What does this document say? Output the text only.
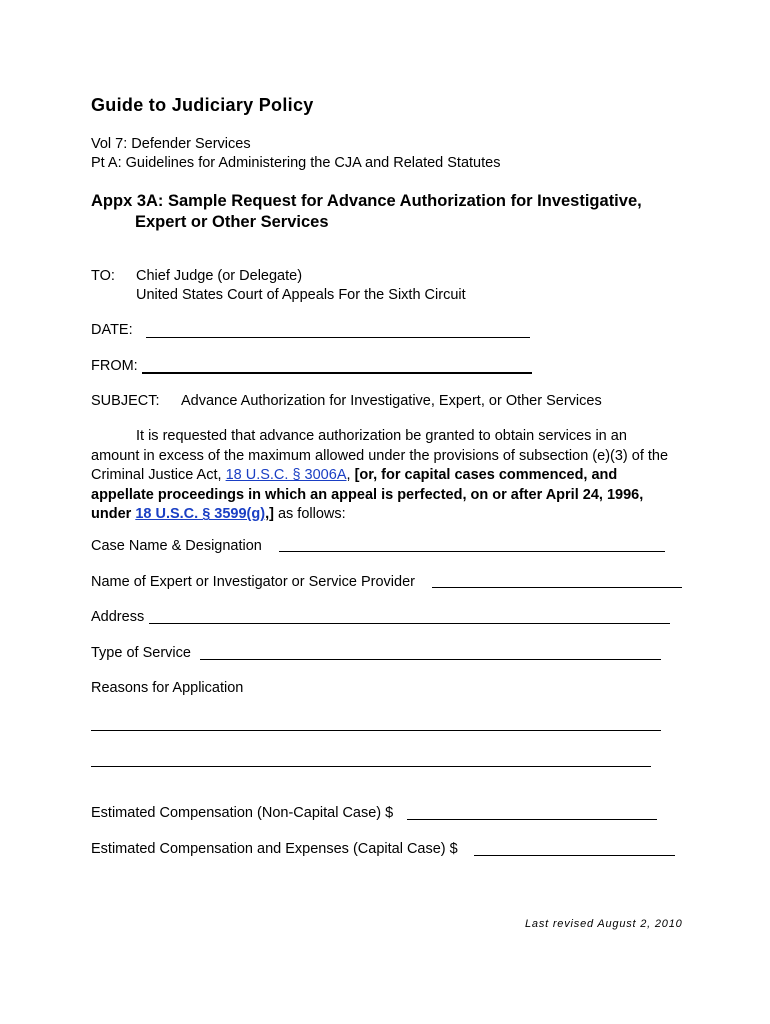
Guide to Judiciary Policy
Vol 7: Defender Services
Pt A: Guidelines for Administering the CJA and Related Statutes
Appx 3A: Sample Request for Advance Authorization for Investigative,
Expert or Other Services
TO: Chief Judge (or Delegate)
United States Court of Appeals For the Sixth Circuit
DATE:
FROM:
SUBJECT: Advance Authorization for Investigative, Expert, or Other Services
It is requested that advance authorization be granted to obtain services in an amount in excess of the maximum allowed under the provisions of subsection (e)(3) of the Criminal Justice Act, 18 U.S.C. § 3006A, [or, for capital cases commenced, and appellate proceedings in which an appeal is perfected, on or after April 24, 1996, under 18 U.S.C. § 3599(g),] as follows:
Case Name & Designation
Name of Expert or Investigator or Service Provider
Address
Type of Service
Reasons for Application
Estimated Compensation (Non-Capital Case) $
Estimated Compensation and Expenses (Capital Case) $
Last revised August 2, 2010
